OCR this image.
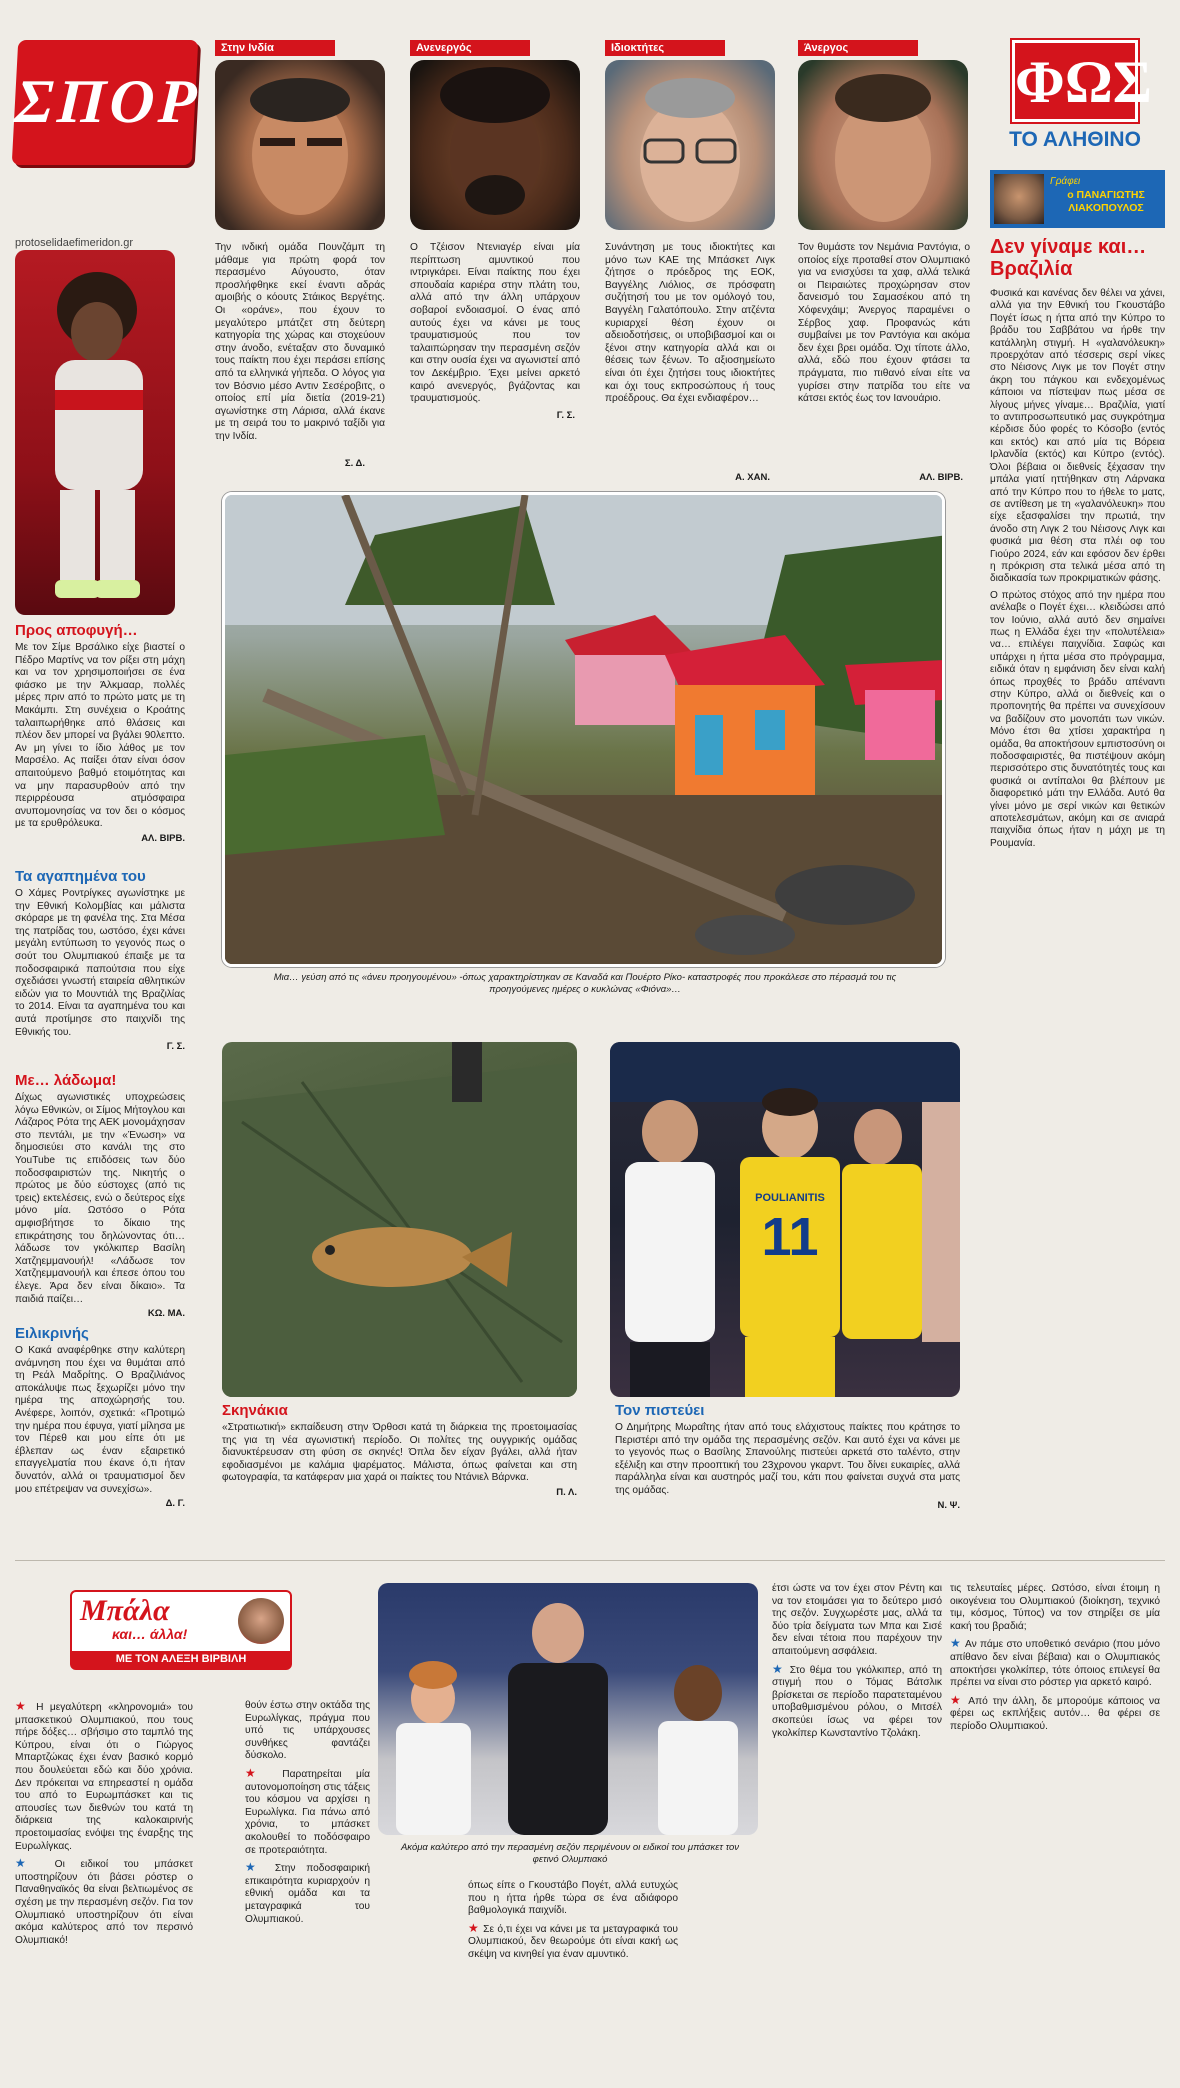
ΣΠΟΡ
protoselidaefimeridon.gr
Στην Ινδία	Ανενεργός	Ιδιοκτήτες	Άνεργος
Την ινδική ομάδα Πουνζάμπ τη μάθαμε για πρώτη φορά τον περασμένο Αύγουστο, όταν προσλήφθηκε εκεί έναντι αδράς αμοιβής ο κόουτς Στάικος Βεργέτης. Οι «οράνε», που έχουν το μεγαλύτερο μπάτζετ στη δεύτερη κατηγορία της χώρας και στοχεύουν στην άνοδο, ενέταξαν στο δυναμικό τους παίκτη που έχει περάσει επίσης από τα ελληνικά γήπεδα. Ο λόγος για τον Βόσνιο μέσο Αντιν Σεσέροβιτς, ο οποίος επί μία διετία (2019-21) αγωνίστηκε στη Λάρισα, αλλά έκανε με τη σειρά του το μακρινό ταξίδι για την Ινδία.
Σ. Δ.
Ο Τζέισον Ντενιαγέρ είναι μία περίπτωση αμυντικού που ιντριγκάρει. Είναι παίκτης που έχει σπουδαία καριέρα στην πλάτη του, αλλά από την άλλη υπάρχουν σοβαροί ενδοιασμοί. Ο ένας από αυτούς έχει να κάνει με τους τραυματισμούς που τον ταλαιπώρησαν την περασμένη σεζόν και στην ουσία έχει να αγωνιστεί από τον Δεκέμβριο. Έχει μείνει αρκετό καιρό ανενεργός, βγάζοντας και τραυματισμούς.
Γ. Σ.
Συνάντηση με τους ιδιοκτήτες και μόνο των ΚΑΕ της Μπάσκετ Λιγκ ζήτησε ο πρόεδρος της ΕΟΚ, Βαγγέλης Λιόλιος, σε πρόσφατη συζήτησή του με τον ομόλογό του, Βαγγέλη Γαλατόπουλο. Στην ατζέντα κυριαρχεί θέση έχουν οι αδειοδοτήσεις, οι υποβιβασμοί και οι ξένοι στην κατηγορία αλλά και οι θέσεις των ξένων. Το αξιοσημείωτο είναι ότι έχει ζητήσει τους ιδιοκτήτες και όχι τους εκπροσώπους ή τους προέδρους. Θα έχει ενδιαφέρον…
Α. ΧΑΝ.
Τον θυμάστε τον Νεμάνια Ραντόγια, ο οποίος είχε προταθεί στον Ολυμπιακό για να ενισχύσει τα χαφ, αλλά τελικά οι Πειραιώτες προχώρησαν στον δανεισμό του Σαμασέκου από τη Χόφενχάιμ; Άνεργος παραμένει ο Σέρβος χαφ. Προφανώς κάτι συμβαίνει με τον Ραντόγια και ακόμα δεν έχει βρει ομάδα. Όχι τίποτε άλλο, αλλά, εδώ που έχουν φτάσει τα πράγματα, πιο πιθανό είναι είτε να γυρίσει στην πατρίδα του είτε να κάτσει εκτός έως τον Ιανουάριο.
ΑΛ. ΒΙΡΒ.
ΦΩΣ
ΤΟ ΑΛΗΘΙΝΟ
Γράφει
ο ΠΑΝΑΓΙΩΤΗΣ ΛΙΑΚΟΠΟΥΛΟΣ
Δεν γίναμε και… Βραζιλία

Φυσικά και κανένας δεν θέλει να χάνει, αλλά για την Εθνική του Γκουστάβο Πογέτ ίσως η ήττα από την Κύπρο το βράδυ του Σαββάτου να ήρθε την κατάλληλη στιγμή. Η «γαλανόλευκη» προερχόταν από τέσσερις σερί νίκες στο Νέισονς Λιγκ με τον Πογέτ στην άκρη του πάγκου και ενδεχομένως κάποιοι να πίστεψαν πως μέσα σε λίγους μήνες γίναμε… Βραζιλία, γιατί το αντιπροσωπευτικό μας συγκρότημα κέρδισε δύο φορές το Κόσοβο (εντός και εκτός) και από μία τις Βόρεια Ιρλανδία (εκτός) και Κύπρο (εντός). Όλοι βέβαια οι διεθνείς ξέχασαν την μπάλα γιατί ηττήθηκαν στη Λάρνακα από την Κύπρο που το ήθελε το ματς, σε αντίθεση με τη «γαλανόλευκη» που είχε εξασφαλίσει την πρωτιά, την άνοδο στη Λιγκ 2 του Νέισονς Λιγκ και φυσικά μια θέση στα πλέι οφ του Γιούρο 2024, εάν και εφόσον δεν έρθει η πρόκριση στα τελικά μέσα από τη διαδικασία των προκριματικών φάσης.

Ο πρώτος στόχος από την ημέρα που ανέλαβε ο Πογέτ έχει… κλειδώσει από τον Ιούνιο, αλλά αυτό δεν σημαίνει πως η Ελλάδα έχει την «πολυτέλεια» να… επιλέγει παιχνίδια. Σαφώς και υπάρχει η ήττα μέσα στο πρόγραμμα, ειδικά όταν η εμφάνιση δεν είναι καλή όπως προχθές το βράδυ απέναντι στην Κύπρο, αλλά οι διεθνείς και ο προπονητής θα πρέπει να συνεχίσουν να βαδίζουν στο μονοπάτι των νικών. Μόνο έτσι θα χτίσει χαρακτήρα η ομάδα, θα αποκτήσουν εμπιστοσύνη οι ποδοσφαιριστές, θα πιστέψουν ακόμη περισσότερο στις δυνατότητές τους και φυσικά οι αντίπαλοι θα βλέπουν με διαφορετικό μάτι την Ελλάδα. Αυτό θα γίνει μόνο με σερί νικών και θετικών αποτελεσμάτων, ακόμη και σε ανιαρά παιχνίδια όπως ήταν η μάχη με τη Ρουμανία.

Προς αποφυγή…
Με τον Σίμε Βρσάλικο είχε βιαστεί ο Πέδρο Μαρτίνς να τον ρίξει στη μάχη και να τον χρησιμοποιήσει σε ένα φιάσκο με την Άλκμααρ, πολλές μέρες πριν από το πρώτο ματς με τη Μακάμπι. Στη συνέχεια ο Κροάτης ταλαιπωρήθηκε από θλάσεις και πλέον δεν μπορεί να βγάλει 90λεπτο. Αν μη γίνει το ίδιο λάθος με τον Μαρσέλο. Ας παίξει όταν είναι όσον απαιτούμενο βαθμό ετοιμότητας και να μην παρασυρθούν από την περιρρέουσα ατμόσφαιρα ανυπομονησίας να τον δει ο κόσμος με τα ερυθρόλευκα.
ΑΛ. ΒΙΡΒ.
Τα αγαπημένα του
Ο Χάμες Ροντρίγκες αγωνίστηκε με την Εθνική Κολομβίας και μάλιστα σκόραρε με τη φανέλα της. Στα Μέσα της πατρίδας του, ωστόσο, έχει κάνει μεγάλη εντύπωση το γεγονός πως ο σούτ του Ολυμπιακού έπαιξε με τα ποδοσφαιρικά παπούτσια που είχε σχεδιάσει γνωστή εταιρεία αθλητικών ειδών για το Μουντιάλ της Βραζιλίας το 2014. Είναι τα αγαπημένα του και αυτά προτίμησε στο παιχνίδι της Εθνικής του.
Γ. Σ.
Με… λάδωμα!
Δίχως αγωνιστικές υποχρεώσεις λόγω Εθνικών, οι Σίμος Μήτογλου και Λάζαρος Ρότα της ΑΕΚ μονομάχησαν στο πεντάλι, με την «Ένωση» να δημοσιεύει στο κανάλι της στο YouTube τις επιδόσεις των δύο ποδοσφαιριστών της. Νικητής ο πρώτος με δύο εύστοχες (από τις τρεις) εκτελέσεις, ενώ ο δεύτερος είχε μόνο μία. Ωστόσο ο Ρότα αμφισβήτησε το δίκαιο της επικράτησης του δηλώνοντας ότι… λάδωσε τον γκόλκιπερ Βασίλη Χατζηεμμανουήλ! «Λάδωσε τον Χατζηεμμανουήλ και έπεσε όπου του έλεγε. Άρα δεν είναι δίκαιο». Τα παιδιά παίζει…
ΚΩ. ΜΑ.
Ειλικρινής
Ο Κακά αναφέρθηκε στην καλύτερη ανάμνηση που έχει να θυμάται από τη Ρεάλ Μαδρίτης. Ο Βραζιλιάνος αποκάλυψε πως ξεχωρίζει μόνο την ημέρα της αποχώρησής του. Ανέφερε, λοιπόν, σχετικά: «Προτιμώ την ημέρα που έφυγα, γιατί μίλησα με τον Πέρεθ και μου είπε ότι με έβλεπαν ως έναν εξαιρετικό επαγγελματία που έκανε ό,τι ήταν δυνατόν, αλλά οι τραυματισμοί δεν μου επέτρεψαν να συνεχίσω».
Δ. Γ.
Μια… γεύση από τις «άνευ προηγουμένου» -όπως χαρακτηρίστηκαν σε Καναδά και Πουέρτο Ρίκο- καταστροφές που προκάλεσε στο πέρασμά του τις προηγούμενες ημέρες ο κυκλώνας «Φιόνα»…
POULIANITIS
11
Σκηνάκια
«Στρατιωτική» εκπαίδευση στην Όρθοσι κατά τη διάρκεια της προετοιμασίας της για τη νέα αγωνιστική περίοδο. Οι πολίτες της ουγγρικής ομάδας διανυκτέρευσαν στη φύση σε σκηνές! Όπλα δεν είχαν βγάλει, αλλά ήταν εφοδιασμένοι με καλάμια ψαρέματος. Μάλιστα, όπως φαίνεται και στη φωτογραφία, τα κατάφεραν μια χαρά οι παίκτες του Ντάνιελ Βάρνκα.
Π. Λ.
Τον πιστεύει
Ο Δημήτρης Μωραΐτης ήταν από τους ελάχιστους παίκτες που κράτησε το Περιστέρι από την ομάδα της περασμένης σεζόν. Και αυτό έχει να κάνει με το γεγονός πως ο Βασίλης Σπανούλης πιστεύει αρκετά στο ταλέντο, στην εξέλιξη και στην προοπτική του 23χρονου γκαρντ. Του δίνει ευκαιρίες, αλλά παράλληλα είναι και αυστηρός μαζί του, κάτι που φαίνεται συχνά στα ματς της ομάδας.
Ν. Ψ.
Μπάλα
και… άλλα!
ΜΕ ΤΟΝ ΑΛΕΞΗ ΒΙΡΒΙΛΗ
Ακόμα καλύτερο από την περασμένη σεζόν περιμένουν οι ειδικοί του μπάσκετ τον φετινό Ολυμπιακό

★ Η μεγαλύτερη «κληρονομιά» του μπασκετικού Ολυμπιακού, που τους πήρε δόξες… σβήσιμο στο ταμπλό της Κύπρου, είναι ότι ο Γιώργος Μπαρτζώκας έχει έναν βασικό κορμό που δουλεύεται εδώ και δύο χρόνια. Δεν πρόκειται να επηρεαστεί η ομάδα του από τo Ευρωμπάσκετ και τις απουσίες των διεθνών του κατά τη διάρκεια της καλοκαιρινής προετοιμασίας ενόψει της έναρξης της Ευρωλίγκας.

★ Οι ειδικοί του μπάσκετ υποστηρίζουν ότι βάσει ρόστερ ο Παναθηναϊκός θα είναι βελτιωμένος σε σχέση με την περασμένη σεζόν. Για τον Ολυμπιακό υποστηρίζουν ότι είναι ακόμα καλύτερος από τον περσινό Ολυμπιακό!

θούν έστω στην οκτάδα της Ευρωλίγκας, πράγμα που υπό τις υπάρχουσες συνθήκες φαντάζει δύσκολο.

★ Παρατηρείται μία αυτονομοποίηση στις τάξεις του κόσμου να αρχίσει η Ευρωλίγκα. Για πάνω από χρόνια, το μπάσκετ ακολουθεί το ποδόσφαιρο σε προτεραιότητα.

★ Στην ποδοσφαιρική επικαιρότητα κυριαρχούν η εθνική ομάδα και τα μεταγραφικά του Ολυμπιακού.

όπως είπε ο Γκουστάβο Πογέτ, αλλά ευτυχώς που η ήττα ήρθε τώρα σε ένα αδιάφορο βαθμολογικά παιχνίδι.

★ Σε ό,τι έχει να κάνει με τα μεταγραφικά του Ολυμπιακού, δεν θεωρούμε ότι είναι κακή ως σκέψη να κινηθεί για έναν αμυντικό.

έτσι ώστε να τον έχει στον Ρέντη και να τον ετοιμάσει για το δεύτερο μισό της σεζόν. Συγχωρέστε μας, αλλά τα δύο τρία δείγματα των Μπα και Σισέ δεν είναι τέτοια που παρέχουν την απαιτούμενη ασφάλεια.

★ Στο θέμα του γκόλκιπερ, από τη στιγμή που ο Τόμας Βάτσλικ βρίσκεται σε περίοδο παρατεταμένου υποβαθμισμένου ρόλου, ο Μιτσέλ σκοπεύει ίσως να φέρει τον γκολκίπερ Κωνσταντίνο Τζολάκη.

τις τελευταίες μέρες. Ωστόσο, είναι έτοιμη η οικογένεια του Ολυμπιακού (διοίκηση, τεχνικό τιμ, κόσμος, Τύπος) να τον στηρίξει σε μία κακή του βραδιά;

★ Αν πάμε στο υποθετικό σενάριο (που μόνο απίθανο δεν είναι βέβαια) και ο Ολυμπιακός αποκτήσει γκολκίπερ, τότε όποιος επιλεγεί θα πρέπει να είναι στο ρόστερ για αρκετό καιρό.

★ Από την άλλη, δε μπορούμε κάποιος να φέρει ως εκπλήξεις αυτόν… θα φέρει σε περίοδο Ολυμπιακού.
